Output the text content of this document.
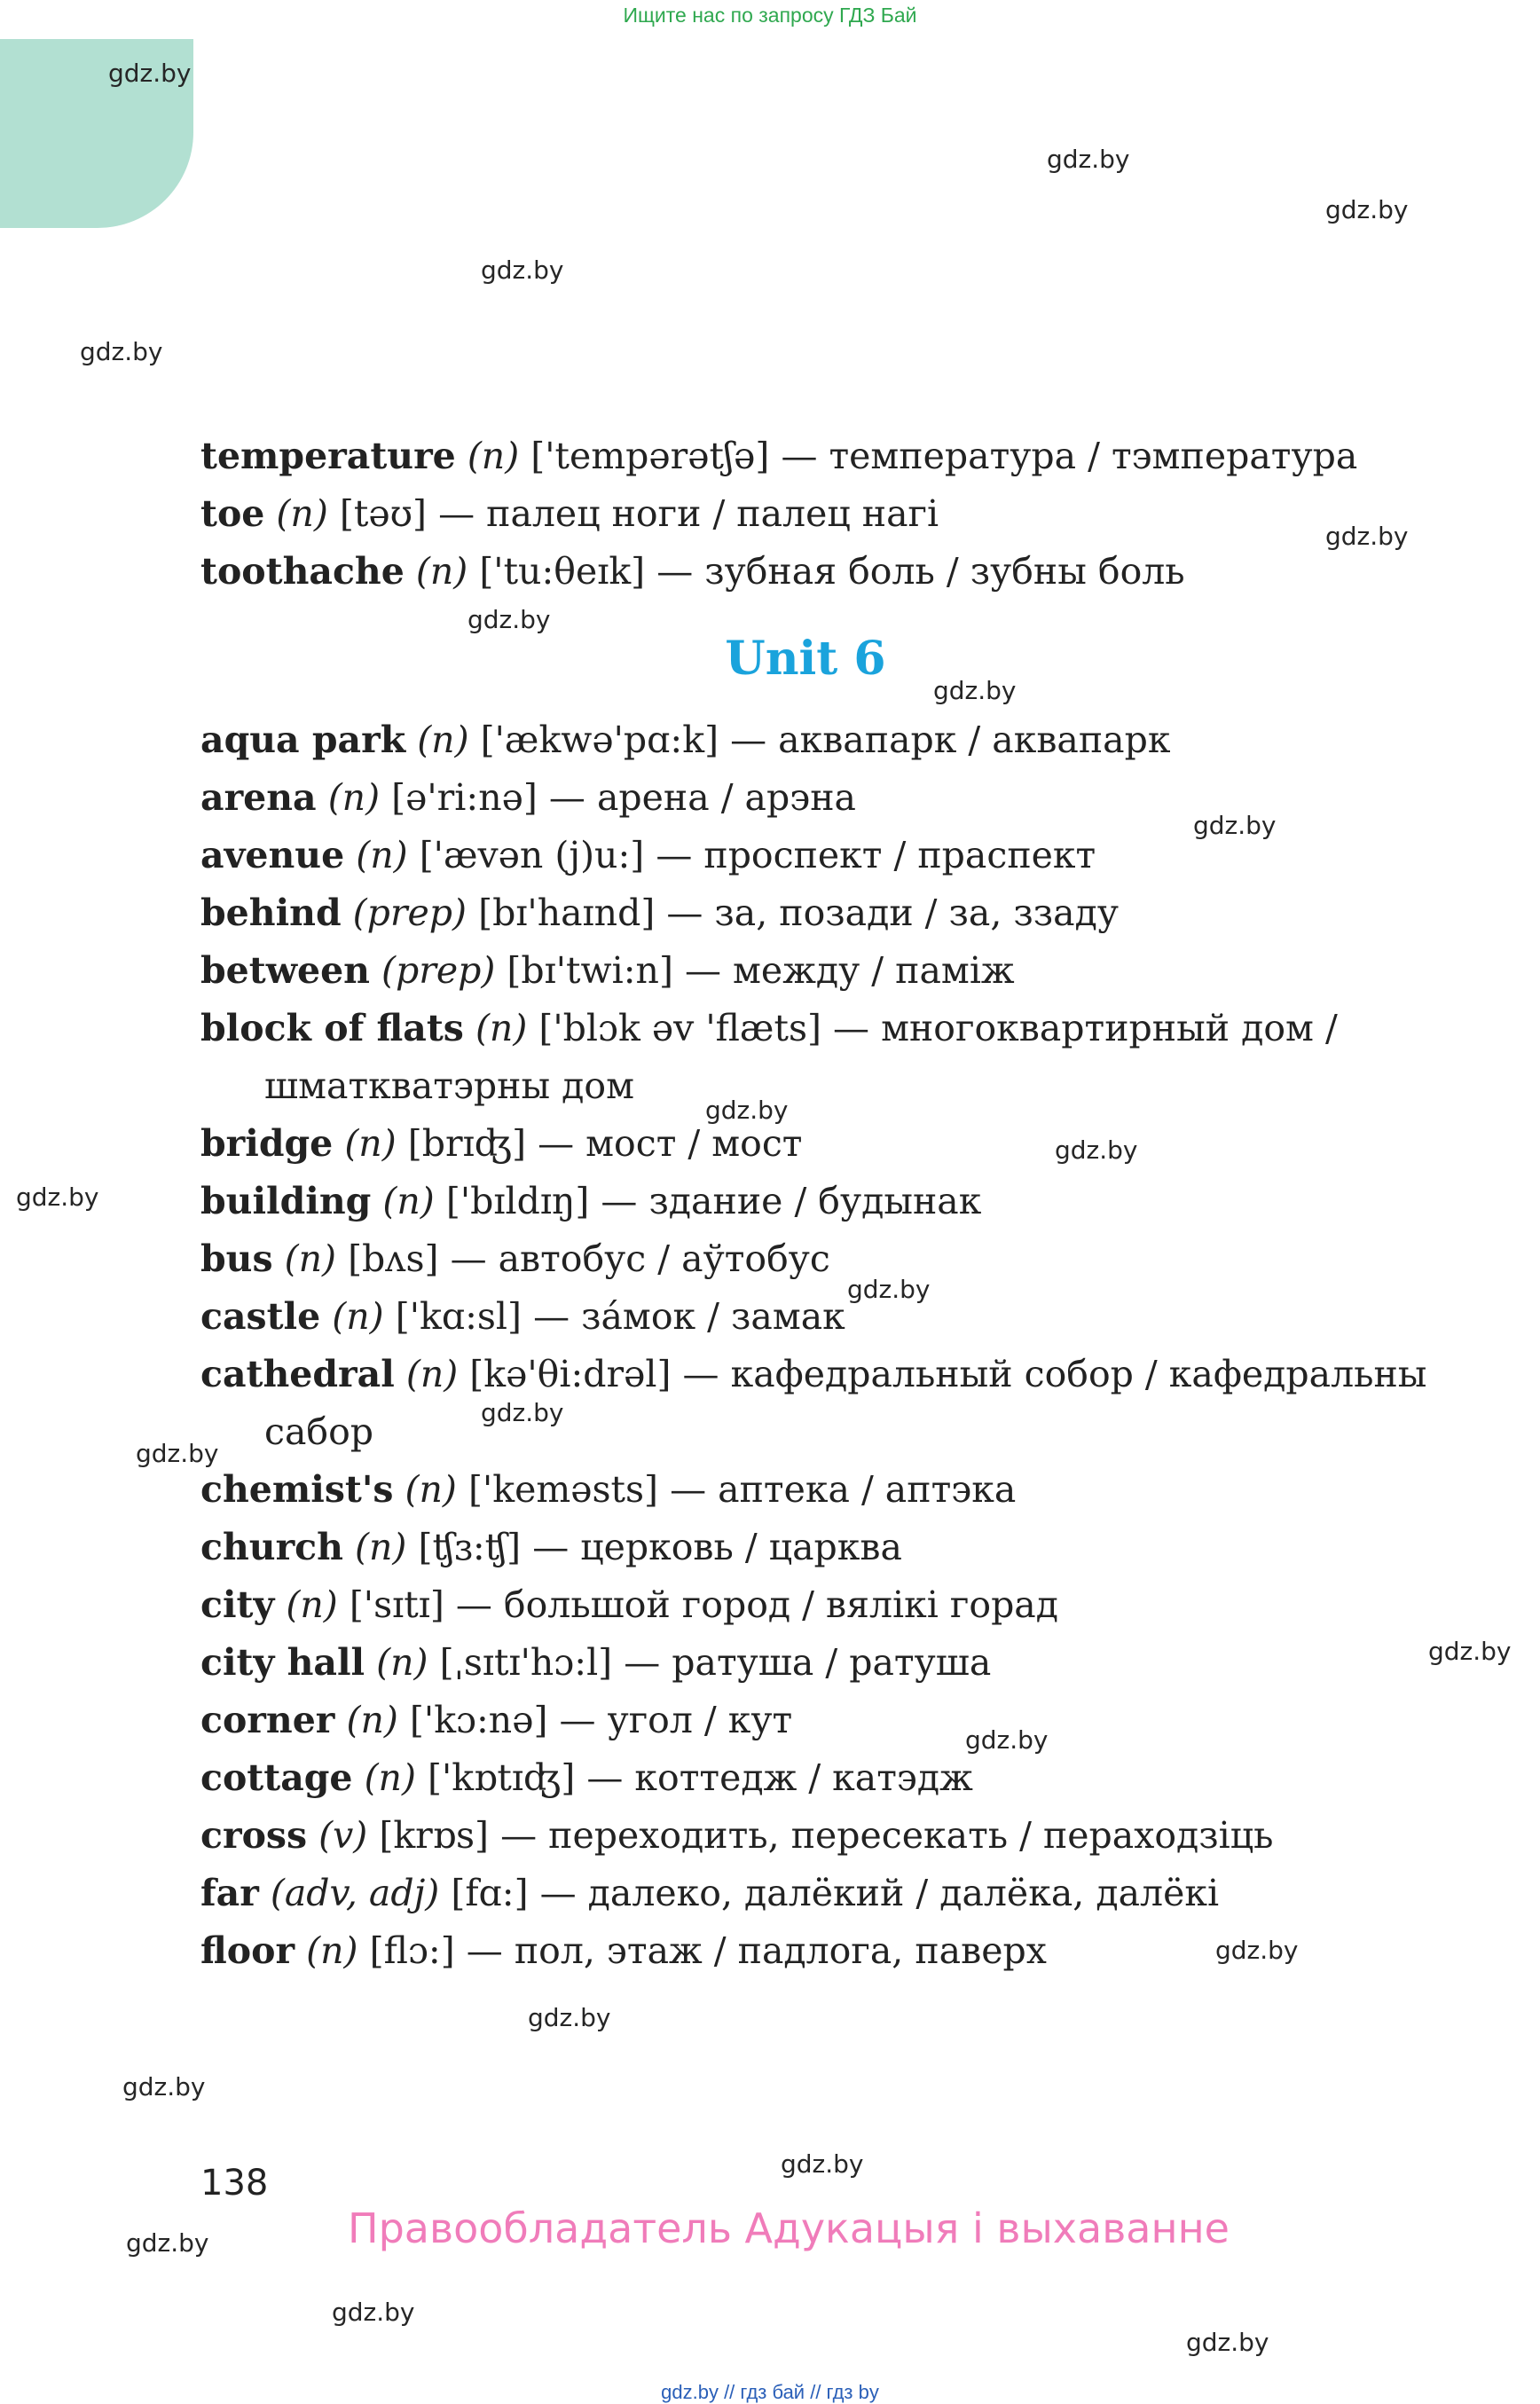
Ищите нас по запросу ГДЗ Бай
gdz.by
gdz.by
gdz.by
gdz.by
gdz.by
gdz.by
gdz.by
gdz.by
gdz.by
gdz.by
gdz.by
gdz.by
gdz.by
gdz.by
gdz.by
gdz.by
gdz.by
gdz.by
gdz.by
gdz.by
gdz.by
gdz.by
gdz.by
gdz.by
temperature (n) ['tempərətʃə] — температура / тэмпература
toe (n) [təʊ] — палец ноги / палец нагі
toothache (n) ['tu:θeɪk] — зубная боль / зубны боль
aqua park (n) ['ækwə'pɑ:k] — аквапарк / аквапарк
arena (n) [ə'ri:nə] — арена / арэна
avenue (n) ['ævən (j)u:] — проспект / праспект
behind (prep) [bɪ'haɪnd] — за, позади / за, ззаду
between (prep) [bɪ'twi:n] — между / паміж
block of flats (n) ['blɔk əv 'flæts] — многоквартирный дом /
шматкватэрны дом
bridge (n) [brɪʤ] — мост / мост
building (n) ['bɪldɪŋ] — здание / будынак
bus (n) [bʌs] — автобус / аўтобус
castle (n) ['kɑ:sl] — зáмок / замак
cathedral (n) [kə'θi:drəl] — кафедральный собор / кафедральны
сабор
chemist's (n) ['keməsts] — аптека / аптэка
church (n) [ʧɜ:ʧ] — церковь / царква
city (n) ['sɪtɪ] — большой город / вялікі горад
city hall (n) [ˌsɪtɪ'hɔ:l] — ратуша / ратуша
corner (n) ['kɔ:nə] — угол / кут
cottage (n) ['kɒtɪʤ] — коттедж / катэдж
cross (v) [krɒs] — переходить, пересекать / пераходзіць
far (adv, adj) [fɑ:] — далеко, далёкий / далёка, далёкі
floor (n) [flɔ:] — пол, этаж / падлога, паверх
Unit 6
138
Правообладатель Адукацыя і выхаванне
gdz.by // гдз бай // гдз by
